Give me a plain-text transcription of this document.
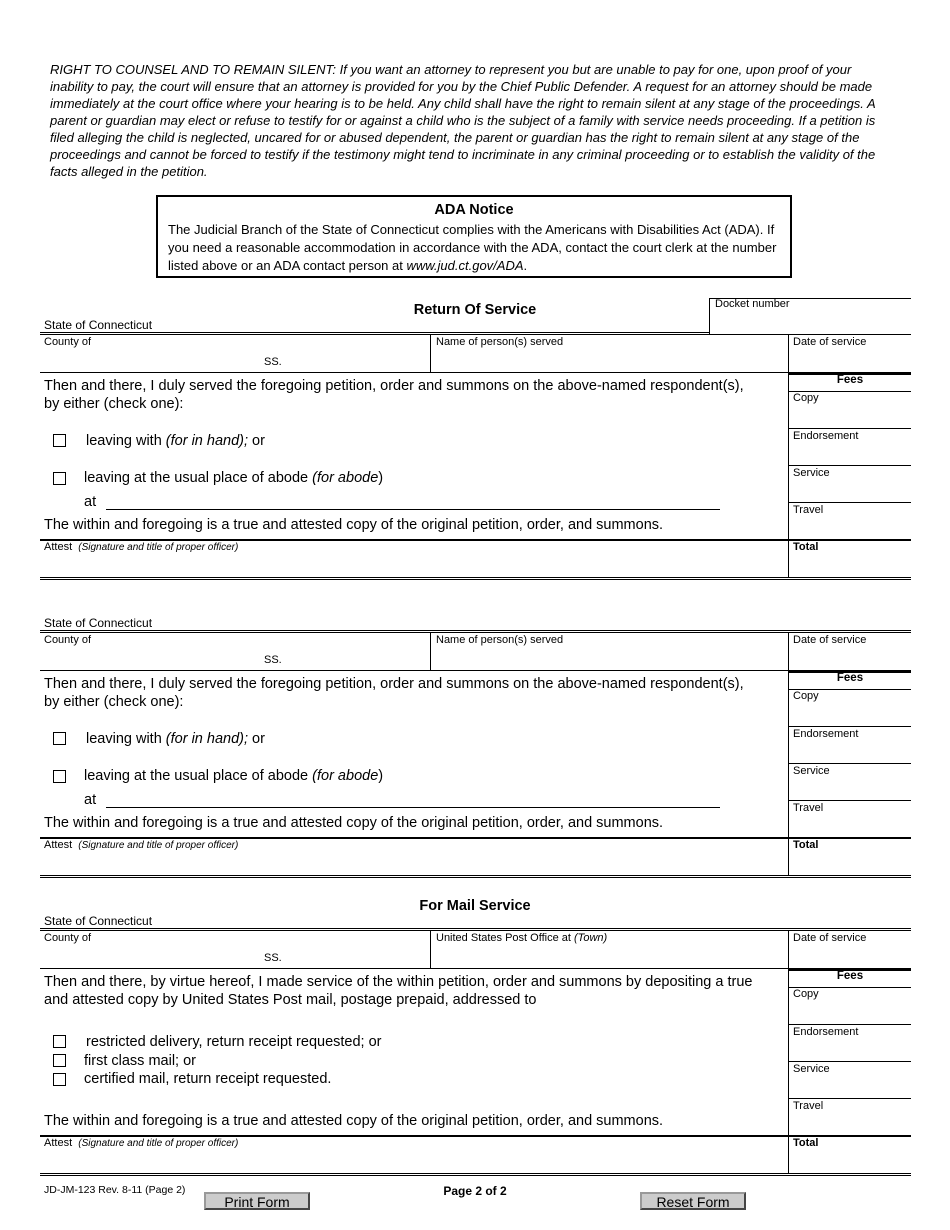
RIGHT TO COUNSEL AND TO REMAIN SILENT: If you want an attorney to represent you but are unable to pay for one, upon proof of your inability to pay, the court will ensure that an attorney is provided for you by the Chief Public Defender. A request for an attorney should be made immediately at the court office where your hearing is to be held. Any child shall have the right to remain silent at any stage of the proceedings. A parent or guardian may elect or refuse to testify for or against a child who is the subject of a family with service needs proceeding. If a petition is filed alleging the child is neglected, uncared for or abused dependent, the parent or guardian has the right to remain silent at any stage of the proceedings and cannot be forced to testify if the testimony might tend to incriminate in any criminal proceeding or to establish the validity of the facts alleged in the petition.
ADA Notice
The Judicial Branch of the State of Connecticut complies with the Americans with Disabilities Act (ADA). If you need a reasonable accommodation in accordance with the ADA, contact the court clerk at the number listed above or an ADA contact person at www.jud.ct.gov/ADA.
Return Of Service
State of Connecticut
Docket number
County of
SS.
Name of person(s) served	Date of service
Fees
Copy
Endorsement
Service
Travel
Then and there, I duly served the foregoing petition, order and summons on the above-named respondent(s), by either (check one):
leaving with (for in hand); or
leaving at the usual place of abode (for abode)
at
The within and foregoing is a true and attested copy of the original petition, order, and summons.
Attest (Signature and title of proper officer)	Total
State of Connecticut
County of
SS.
Name of person(s) served	Date of service
Fees
Copy
Endorsement
Service
Travel
Then and there, I duly served the foregoing petition, order and summons on the above-named respondent(s), by either (check one):
leaving with (for in hand); or
leaving at the usual place of abode (for abode)
at
The within and foregoing is a true and attested copy of the original petition, order, and summons.
Attest (Signature and title of proper officer)	Total
For Mail Service
State of Connecticut
County of
SS.
United States Post Office at (Town)	Date of service
Fees
Copy
Endorsement
Service
Travel
Then and there, by virtue hereof, I made service of the within petition, order and summons by depositing a true and attested copy by United States Post mail, postage prepaid, addressed to
restricted delivery, return receipt requested; or
first class mail; or
certified mail, return receipt requested.
The within and foregoing is a true and attested copy of the original petition, order, and summons.
Attest (Signature and title of proper officer)	Total
JD-JM-123 Rev. 8-11 (Page 2)	Page 2 of 2
Print Form	Reset Form
